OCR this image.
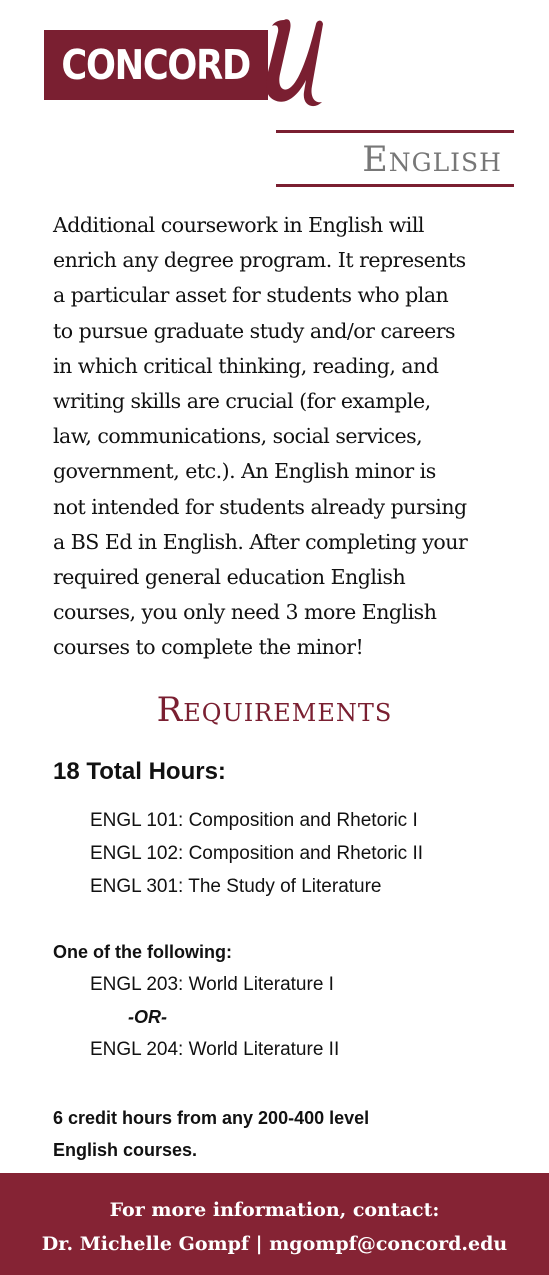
CONCORD
English
Additional coursework in English will
enrich any degree program. It represents
a particular asset for students who plan
to pursue graduate study and/or careers
in which critical thinking, reading, and
writing skills are crucial (for example,
law, communications, social services,
government, etc.). An English minor is
not intended for students already pursing
a BS Ed in English. After completing your
required general education English
courses, you only need 3 more English
courses to complete the minor!
Requirements
18 Total Hours:
ENGL 101: Composition and Rhetoric I
ENGL 102: Composition and Rhetoric II
ENGL 301: The Study of Literature
One of the following:
ENGL 203: World Literature I
-OR-
ENGL 204: World Literature II
6 credit hours from any 200-400 level
English courses.
For more information, contact:
Dr. Michelle Gompf | mgompf@concord.edu
